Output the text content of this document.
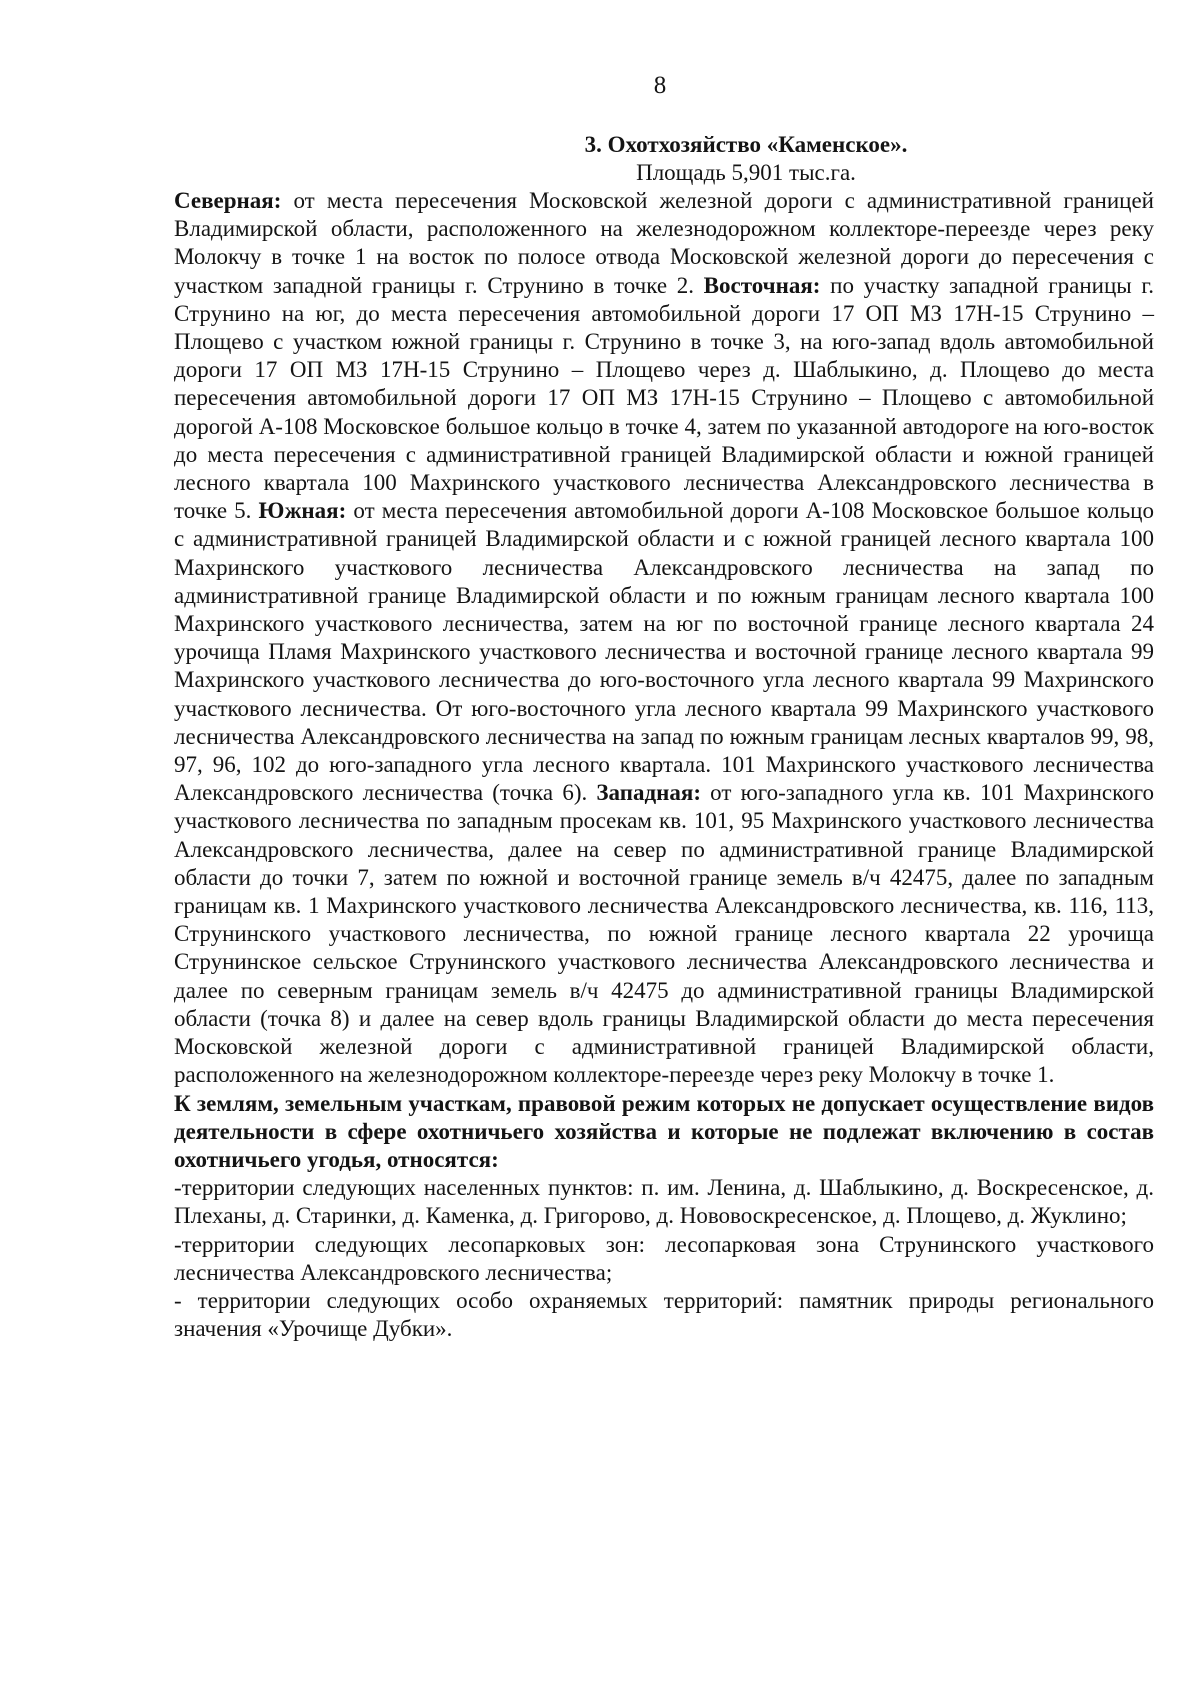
8
3. Охотхозяйство «Каменское».
Площадь 5,901 тыс.га.

Северная: от места пересечения Московской железной дороги с административной границей Владимирской области, расположенного на железнодорожном коллекторе-переезде через реку Молокчу в точке 1 на восток по полосе отвода Московской железной дороги до пересечения с участком западной границы г. Струнино в точке 2. Восточная: по участку западной границы г. Струнино на юг, до места пересечения автомобильной дороги 17 ОП МЗ 17Н-15 Струнино – Площево с участком южной границы г. Струнино в точке 3, на юго-запад вдоль автомобильной дороги 17 ОП МЗ 17Н-15 Струнино – Площево через д. Шаблыкино, д. Площево до места пересечения автомобильной дороги 17 ОП МЗ 17Н-15 Струнино – Площево с автомобильной дорогой А-108 Московское большое кольцо в точке 4, затем по указанной автодороге на юго-восток до места пересечения с административной границей Владимирской области и южной границей лесного квартала 100 Махринского участкового лесничества Александровского лесничества в точке 5. Южная: от места пересечения автомобильной дороги А-108 Московское большое кольцо с административной границей Владимирской области и с южной границей лесного квартала 100 Махринского участкового лесничества Александровского лесничества на запад по административной границе Владимирской области и по южным границам лесного квартала 100 Махринского участкового лесничества, затем на юг по восточной границе лесного квартала 24 урочища Пламя Махринского участкового лесничества и восточной границе лесного квартала 99 Махринского участкового лесничества до юго-восточного угла лесного квартала 99 Махринского участкового лесничества. От юго-восточного угла лесного квартала 99 Махринского участкового лесничества Александровского лесничества на запад по южным границам лесных кварталов 99, 98, 97, 96, 102 до юго-западного угла лесного квартала. 101 Махринского участкового лесничества Александровского лесничества (точка 6). Западная: от юго-западного угла кв. 101 Махринского участкового лесничества по западным просекам кв. 101, 95 Махринского участкового лесничества Александровского лесничества, далее на север по административной границе Владимирской области до точки 7, затем по южной и восточной границе земель в/ч 42475, далее по западным границам кв. 1 Махринского участкового лесничества Александровского лесничества, кв. 116, 113, Струнинского участкового лесничества, по южной границе лесного квартала 22 урочища Струнинское сельское Струнинского участкового лесничества Александровского лесничества и далее по северным границам земель в/ч 42475 до административной границы Владимирской области (точка 8) и далее на север вдоль границы Владимирской области до места пересечения Московской железной дороги с административной границей Владимирской области, расположенного на железнодорожном коллекторе-переезде через реку Молокчу в точке 1.

К землям, земельным участкам, правовой режим которых не допускает осуществление видов деятельности в сфере охотничьего хозяйства и которые не подлежат включению в состав охотничьего угодья, относятся:

-территории следующих населенных пунктов: п. им. Ленина, д. Шаблыкино, д. Воскресенское, д. Плеханы, д. Старинки, д. Каменка, д. Григорово, д. Нововоскресенское, д. Площево, д. Жуклино;

-территории следующих лесопарковых зон: лесопарковая зона Струнинского участкового лесничества Александровского лесничества;

- территории следующих особо охраняемых территорий: памятник природы регионального значения «Урочище Дубки».
